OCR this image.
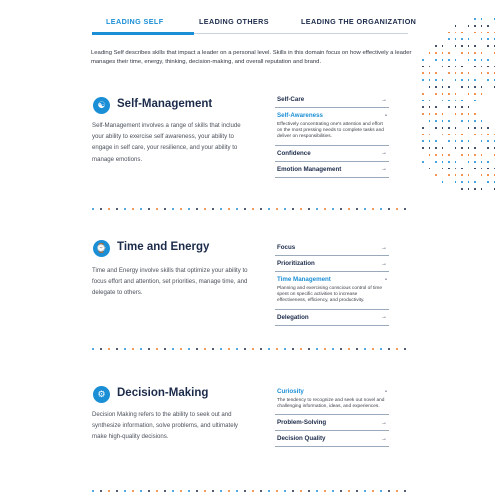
LEADING SELF	LEADING OTHERS	LEADING THE ORGANIZATION

Leading Self describes skills that impact a leader on a personal level. Skills in this domain focus on how effectively a leader manages their time, energy, thinking, decision-making, and overall reputation and brand.

☯ Self-Management

Self-Management involves a range of skills that include your ability to exercise self awareness, your ability to engage in self care, your resilience, and your ability to manage emotions.

Self-Care	→
Self-Awareness	-
Effectively concentrating one's attention and effort on the most pressing needs to complete tasks and deliver on responsibilities.
Confidence	→
Emotion Management	→
⌚ Time and Energy

Time and Energy involve skills that optimize your ability to focus effort and attention, set priorities, manage time, and delegate to others.

Focus	→
Prioritization	→
Time Management	-
Planning and exercising conscious control of time spent on specific activities to increase effectiveness, efficiency, and productivity.
Delegation	→
⚙ Decision-Making

Decision Making refers to the ability to seek out and synthesize information, solve problems, and ultimately make high-quality decisions.

Curiosity	-
The tendency to recognize and seek out novel and challenging information, ideas, and experiences.
Problem-Solving	→
Decision Quality	→
